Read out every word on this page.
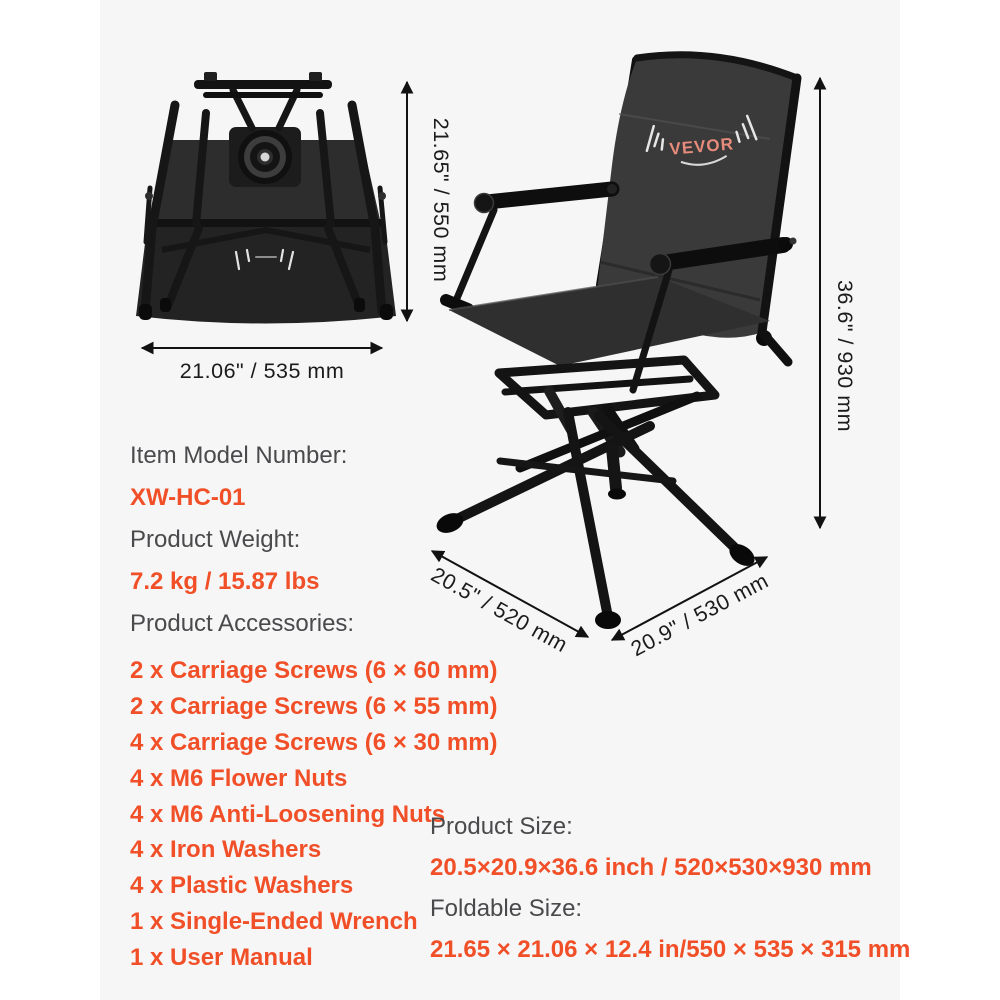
VEVOR
21.65" / 550 mm
21.06" / 535 mm	36.6" / 930 mm
20.5" / 520 mm	20.9" / 530 mm
Item Model Number:
XW-HC-01
Product Weight:
7.2 kg / 15.87 lbs
Product Accessories:
2 x Carriage Screws (6 × 60 mm)
2 x Carriage Screws (6 × 55 mm)
4 x Carriage Screws (6 × 30 mm)
4 x M6 Flower Nuts
4 x M6 Anti-Loosening Nuts
4 x Iron Washers
4 x Plastic Washers
1 x Single-Ended Wrench
1 x User Manual
Product Size:
20.5×20.9×36.6 inch / 520×530×930 mm
Foldable Size:
21.65 × 21.06 × 12.4 in/550 × 535 × 315 mm
